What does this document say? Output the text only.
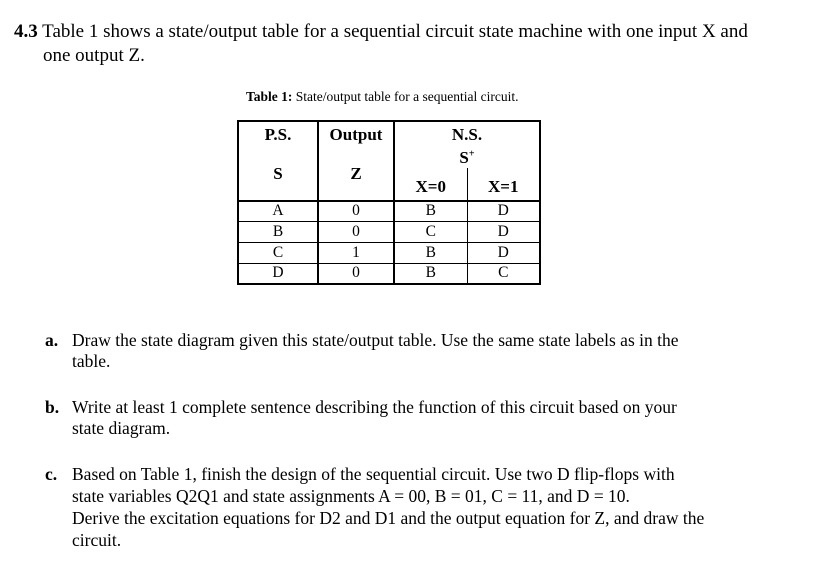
4.3 Table 1 shows a state/output table for a sequential circuit state machine with one input X and
one output Z.
Table 1: State/output table for a sequential circuit.
P.S.	Output	N.S.	
S	Z	S+
		X=0	X=1
A	0	B	D
B	0	C	D
C	1	B	D
D	0	B	C
a. Draw the state diagram given this state/output table. Use the same state labels as in the
table.
b. Write at least 1 complete sentence describing the function of this circuit based on your
state diagram.
c. Based on Table 1, finish the design of the sequential circuit. Use two D flip-flops with
state variables Q2Q1 and state assignments A = 00, B = 01, C = 11, and D = 10.
Derive the excitation equations for D2 and D1 and the output equation for Z, and draw the
circuit.
